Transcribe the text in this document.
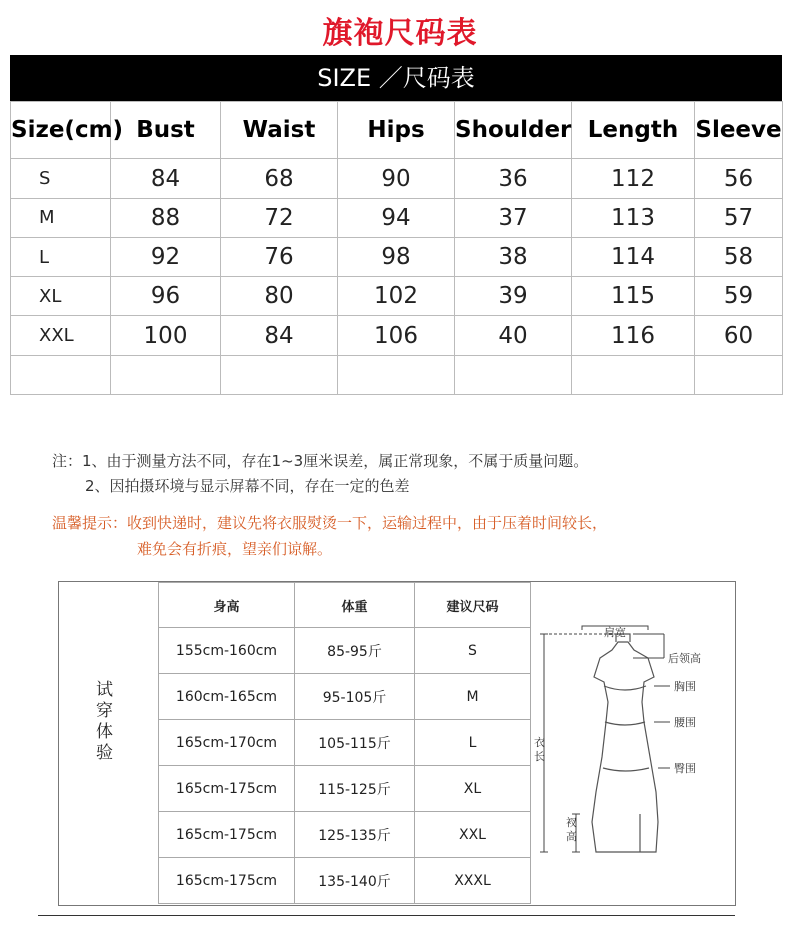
旗袍尺码表
SIZE ／尺码表
Size(cm)	Bust	Waist	Hips	Shoulder	Length	Sleeve
S	84	68	90	36	112	56
M	88	72	94	37	113	57
L	92	76	98	38	114	58
XL	96	80	102	39	115	59
XXL	100	84	106	40	116	60

注：1、由于测量方法不同，存在1~3厘米误差，属正常现象，不属于质量问题。
2、因拍摄环境与显示屏幕不同，存在一定的色差
温馨提示：收到快递时，建议先将衣服熨烫一下，运输过程中，由于压着时间较长，
难免会有折痕，望亲们谅解。
试
穿
体
验
身高	体重	建议尺码
155cm-160cm	85-95斤	S
160cm-165cm	95-105斤	M
165cm-170cm	105-115斤	L
165cm-175cm	115-125斤	XL
165cm-175cm	125-135斤	XXL
165cm-175cm	135-140斤	XXXL
肩宽
后领高
胸围
腰围
臀围
衣
长
衩
高
